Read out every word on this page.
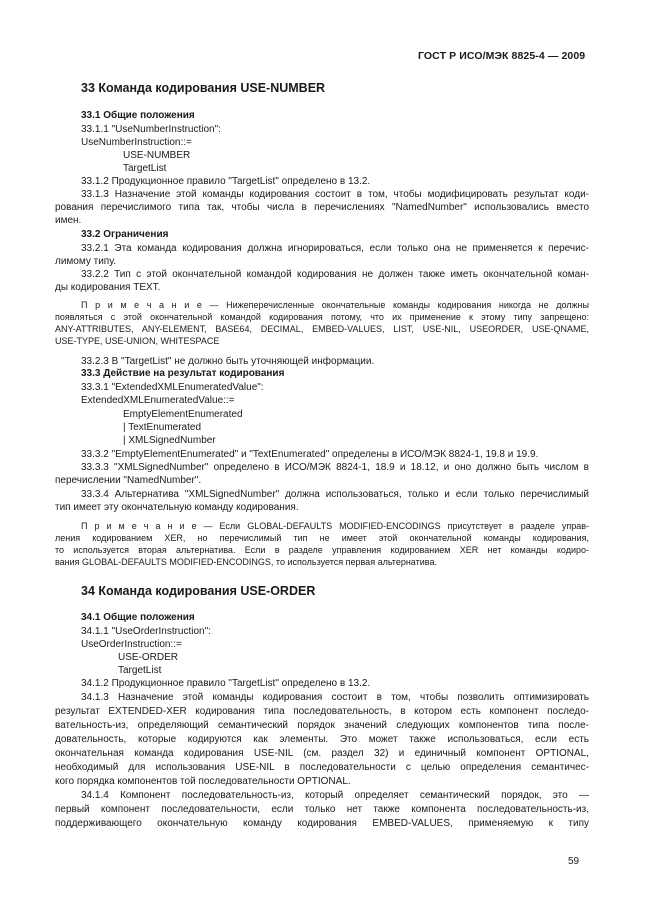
ГОСТ Р ИСО/МЭК 8825-4 — 2009
33 Команда кодирования USE-NUMBER
33.1 Общие положения
33.1.1 "UseNumberInstruction":
UseNumberInstruction::=
USE-NUMBER
TargetList
33.1.2 Продукционное правило "TargetList" определено в 13.2.
33.1.3 Назначение этой команды кодирования состоит в том, чтобы модифицировать результат коди-
рования перечислимого типа так, чтобы числа в перечислениях "NamedNumber" использовались вместо
имен.
33.2 Ограничения
33.2.1 Эта команда кодирования должна игнорироваться, если только она не применяется к перечис-
лимому типу.
33.2.2 Тип с этой окончательной командой кодирования не должен также иметь окончательной коман-
ды кодирования TEXT.
П р и м е ч а н и е — Нижеперечисленные окончательные команды кодирования никогда не должны
появляться с этой окончательной командой кодирования потому, что их применение к этому типу запрещено:
ANY-ATTRIBUTES, ANY-ELEMENT, BASE64, DECIMAL, EMBED-VALUES, LIST, USE-NIL, USEORDER, USE-QNAME,
USE-TYPE, USE-UNION, WHITESPACE
33.2.3 В "TargetList" не должно быть уточняющей информации.
33.3 Действие на результат кодирования
33.3.1 "ExtendedXMLEnumeratedValue":
ExtendedXMLEnumeratedValue::=
EmptyElementEnumerated
| TextEnumerated
| XMLSignedNumber
33.3.2 "EmptyElementEnumerated" и "TextEnumerated" определены в ИСО/МЭК 8824-1, 19.8 и 19.9.
33.3.3 "XMLSignedNumber" определено в ИСО/МЭК 8824-1, 18.9 и 18.12, и оно должно быть числом в
перечислении "NamedNumber".
33.3.4 Альтернатива "XMLSignedNumber" должна использоваться, только и если только перечислимый
тип имеет эту окончательную команду кодирования.
П р и м е ч а н и е — Если GLOBAL-DEFAULTS MODIFIED-ENCODINGS присутствует в разделе управ-
ления кодированием XER, но перечислимый тип не имеет этой окончательной команды кодирования,
то используется вторая альтернатива. Если в разделе управления кодированием XER нет команды кодиро-
вания GLOBAL-DEFAULTS MODIFIED-ENCODINGS, то используется первая альтернатива.
34 Команда кодирования USE-ORDER
34.1 Общие положения
34.1.1 "UseOrderInstruction":
UseOrderInstruction::=
USE-ORDER
TargetList
34.1.2 Продукционное правило "TargetList" определено в 13.2.
34.1.3 Назначение этой команды кодирования состоит в том, чтобы позволить оптимизировать
результат EXTENDED-XER кодирования типа последовательность, в котором есть компонент последо-
вательность-из, определяющий семантический порядок значений следующих компонентов типа после-
довательность, которые кодируются как элементы. Это может также использоваться, если есть
окончательная команда кодирования USE-NIL (см. раздел 32) и единичный компонент OPTIONAL,
необходимый для использования USE-NIL в последовательности с целью определения семантичес-
кого порядка компонентов той последовательности OPTIONAL.
34.1.4 Компонент последовательность-из, который определяет семантический порядок, это —
первый компонент последовательности, если только нет также компонента последовательность-из,
поддерживающего окончательную команду кодирования EMBED-VALUES, применяемую к типу
59
